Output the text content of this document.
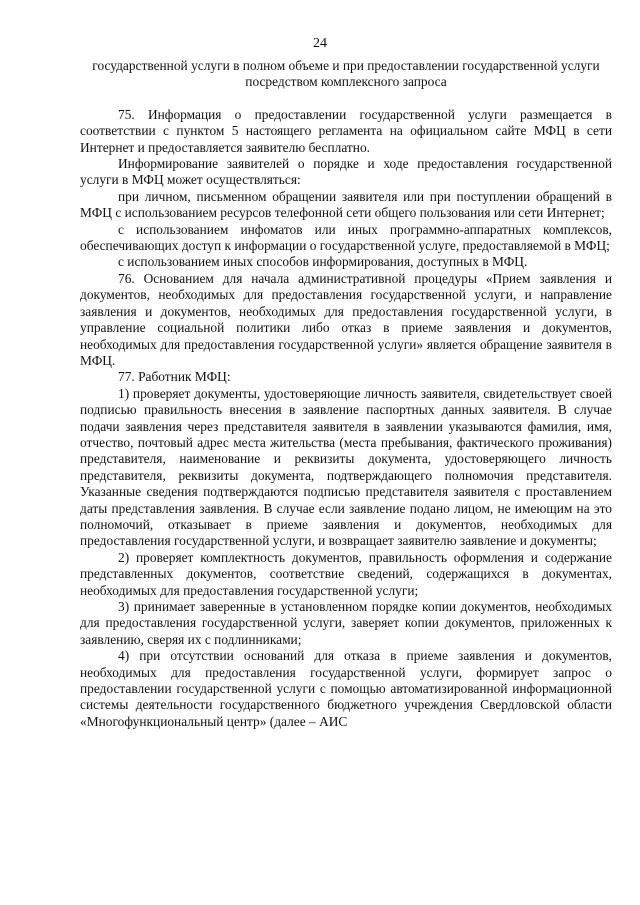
24

государственной услуги в полном объеме и при предоставлении государственной услуги посредством комплексного запроса

75. Информация о предоставлении государственной услуги размещается в соответствии с пунктом 5 настоящего регламента на официальном сайте МФЦ в сети Интернет и предоставляется заявителю бесплатно.

Информирование заявителей о порядке и ходе предоставления государственной услуги в МФЦ может осуществляться:

при личном, письменном обращении заявителя или при поступлении обращений в МФЦ с использованием ресурсов телефонной сети общего пользования или сети Интернет;

с использованием инфоматов или иных программно-аппаратных комплексов, обеспечивающих доступ к информации о государственной услуге, предоставляемой в МФЦ;

с использованием иных способов информирования, доступных в МФЦ.

76. Основанием для начала административной процедуры «Прием заявления и документов, необходимых для предоставления государственной услуги, и направление заявления и документов, необходимых для предоставления государственной услуги, в управление социальной политики либо отказ в приеме заявления и документов, необходимых для предоставления государственной услуги» является обращение заявителя в МФЦ.

77. Работник МФЦ:

1) проверяет документы, удостоверяющие личность заявителя, свидетельствует своей подписью правильность внесения в заявление паспортных данных заявителя. В случае подачи заявления через представителя заявителя в заявлении указываются фамилия, имя, отчество, почтовый адрес места жительства (места пребывания, фактического проживания) представителя, наименование и реквизиты документа, удостоверяющего личность представителя, реквизиты документа, подтверждающего полномочия представителя. Указанные сведения подтверждаются подписью представителя заявителя с проставлением даты представления заявления. В случае если заявление подано лицом, не имеющим на это полномочий, отказывает в приеме заявления и документов, необходимых для предоставления государственной услуги, и возвращает заявителю заявление и документы;

2) проверяет комплектность документов, правильность оформления и содержание представленных документов, соответствие сведений, содержащихся в документах, необходимых для предоставления государственной услуги;

3) принимает заверенные в установленном порядке копии документов, необходимых для предоставления государственной услуги, заверяет копии документов, приложенных к заявлению, сверяя их с подлинниками;

4) при отсутствии оснований для отказа в приеме заявления и документов, необходимых для предоставления государственной услуги, формирует запрос о предоставлении государственной услуги с помощью автоматизированной информационной системы деятельности государственного бюджетного учреждения Свердловской области «Многофункциональный центр» (далее – АИС
